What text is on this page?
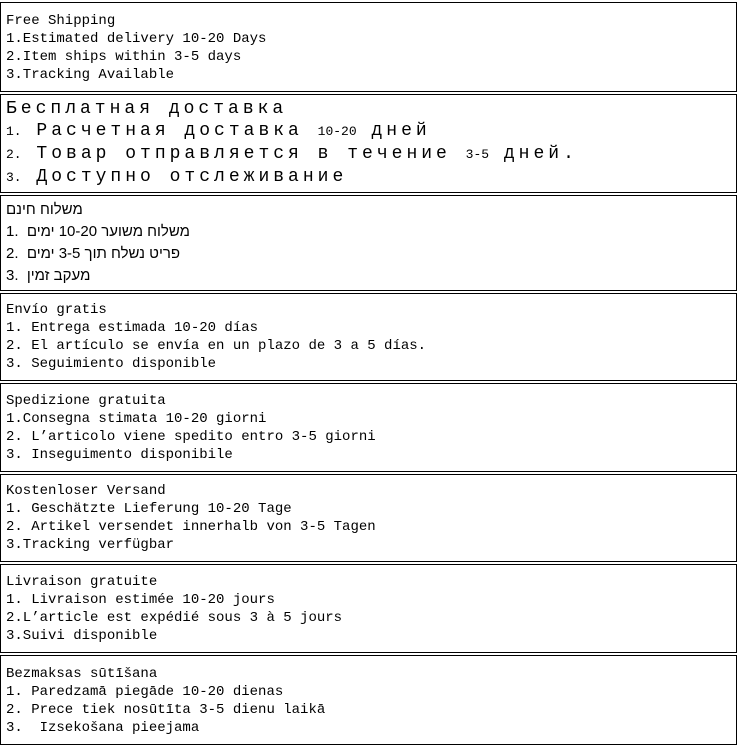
Free Shipping
1.Estimated delivery 10-20 Days
2.Item ships within 3-5 days
3.Tracking Available
Бесплатная доставка
1. Расчетная доставка 10-20 дней
2. Товар отправляется в течение 3-5 дней.
3. Доступно отслеживание
משלוח חינם
1.  משלוח משוער 10-20 ימים
2.  פריט נשלח תוך 3-5 ימים
3.  מעקב זמין
Envío gratis
1. Entrega estimada 10-20 días
2. El artículo se envía en un plazo de 3 a 5 días.
3. Seguimiento disponible
Spedizione gratuita
1.Consegna stimata 10-20 giorni
2. L’articolo viene spedito entro 3-5 giorni
3. Inseguimento disponibile
Kostenloser Versand
1. Geschätzte Lieferung 10-20 Tage
2. Artikel versendet innerhalb von 3-5 Tagen
3.Tracking verfügbar
Livraison gratuite
1. Livraison estimée 10-20 jours
2.L’article est expédié sous 3 à 5 jours
3.Suivi disponible
Bezmaksas sūtīšana
1. Paredzamā piegāde 10-20 dienas
2. Prece tiek nosūtīta 3-5 dienu laikā
3.  Izsekošana pieejama
